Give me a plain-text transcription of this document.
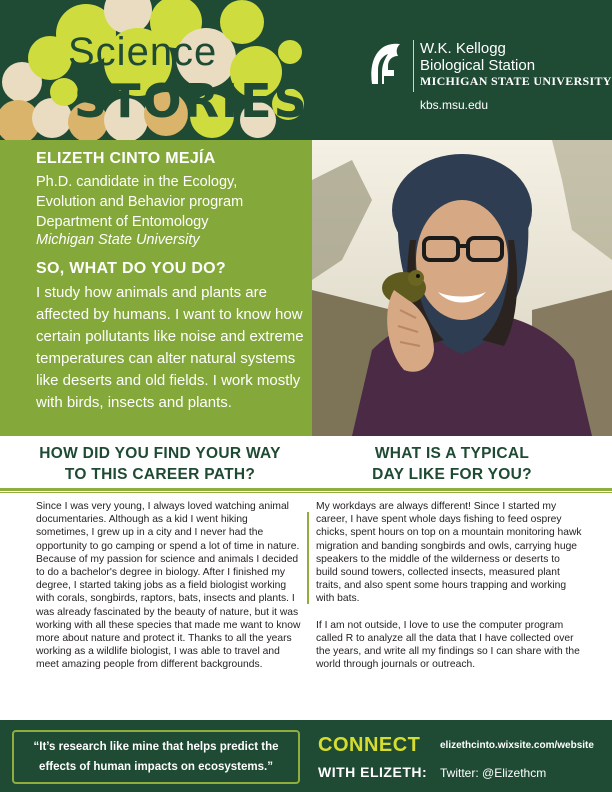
Science
STORIES!
W.K. Kellogg
Biological Station
MICHIGAN STATE UNIVERSITY
kbs.msu.edu
ELIZETH CINTO MEJÍA
Ph.D. candidate in the Ecology,
Evolution and Behavior program
Department of Entomology
Michigan State University
SO, WHAT DO YOU DO?
I study how animals and plants are affected by humans. I want to know how certain pollutants like noise and extreme temperatures can alter natural systems like deserts and old fields. I work mostly with birds, insects and plants.
HOW DID YOU FIND YOUR WAY
TO THIS CAREER PATH?
WHAT IS A TYPICAL
DAY LIKE FOR YOU?
Since I was very young, I always loved watching animal documentaries. Although as a kid I went hiking sometimes, I grew up in a city and I never had the opportunity to go camping or spend a lot of time in nature. Because of my passion for science and animals I decided to do a bachelor's degree in biology. After I finished my degree, I started taking jobs as a field biologist working with corals, songbirds, raptors, bats, insects and plants. I was already fascinated by the beauty of nature, but it was working with all these species that made me want to know more about nature and protect it. Thanks to all the years working as a wildlife biologist, I was able to travel and meet amazing people from different backgrounds.

My workdays are always different! Since I started my career, I have spent whole days fishing to feed osprey chicks, spent hours on top on a mountain monitoring hawk migration and banding songbirds and owls, carrying huge speakers to the middle of the wilderness or deserts to build sound towers, collected insects, measured plant traits, and also spent some hours trapping and working with bats.

If I am not outside, I love to use the computer program called R to analyze all the data that I have collected over the years, and write all my findings so I can share with the world through journals or outreach.

“It’s research like mine that helps predict the
effects of human impacts on ecosystems.”
CONNECT
WITH ELIZETH:
elizethcinto.wixsite.com/website
Twitter: @Elizethcm
